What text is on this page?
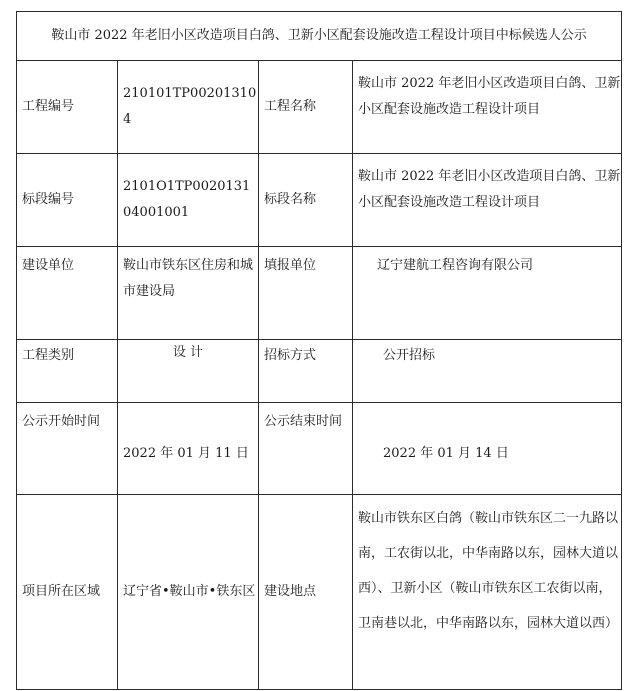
鞍山市 2022 年老旧小区改造项目白鸽、卫新小区配套设施改造工程设计项目中标候选人公示			
工程编号	210101TP002013104	工程名称	鞍山市 2022 年老旧小区改造项目白鸽、卫新小区配套设施改造工程设计项目
标段编号	2101O1TP002013104001001	标段名称	鞍山市 2022 年老旧小区改造项目白鸽、卫新小区配套设施改造工程设计项目
建设单位	鞍山市铁东区住房和城市建设局	填报单位	辽宁建航工程咨询有限公司
工程类别	设 计	招标方式	公开招标
公示开始时间	2022 年 01 月 11 日	公示结束时间	2022 年 01 月 14 日
项目所在区域	辽宁省•鞍山市•铁东区	建设地点	鞍山市铁东区白鸽（鞍山市铁东区二一九路以南，工农街以北，中华南路以东，园林大道以西）、卫新小区（鞍山市铁东区工农街以南，卫南巷以北，中华南路以东，园林大道以西）
